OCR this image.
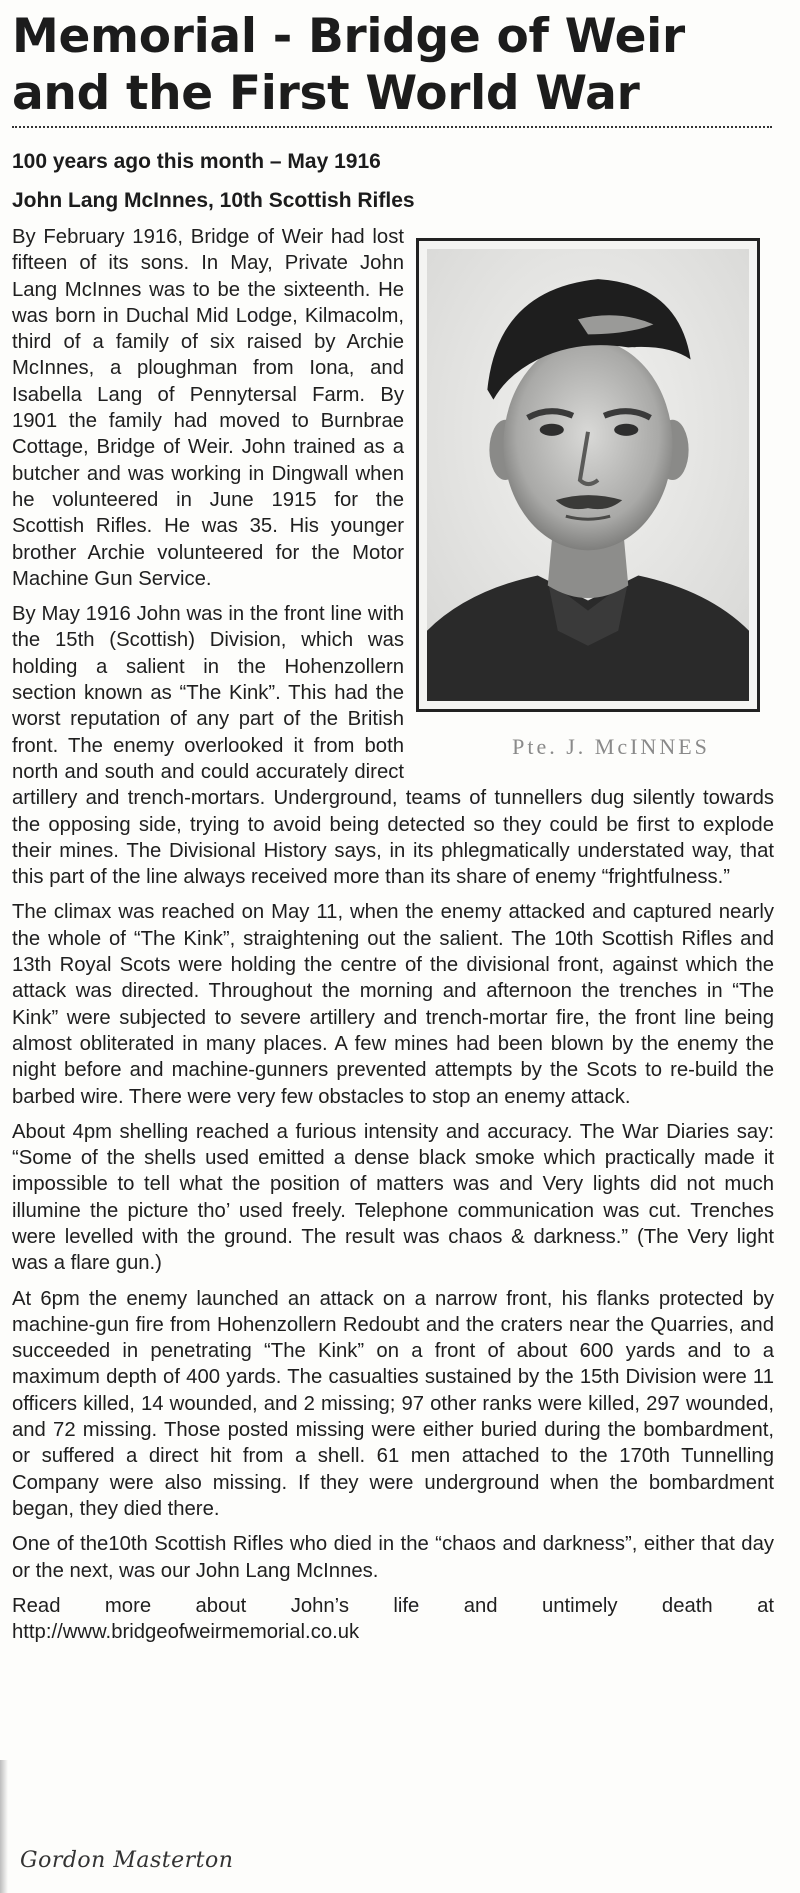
Memorial - Bridge of Weir and the First World War
100 years ago this month – May 1916
John Lang McInnes, 10th Scottish Rifles
Pte. J. McINNES

By February 1916, Bridge of Weir had lost fifteen of its sons. In May, Private John Lang McInnes was to be the sixteenth. He was born in Duchal Mid Lodge, Kilmacolm, third of a family of six raised by Archie McInnes, a ploughman from Iona, and Isabella Lang of Pennytersal Farm. By 1901 the family had moved to Burnbrae Cottage, Bridge of Weir. John trained as a butcher and was working in Dingwall when he volunteered in June 1915 for the Scottish Rifles. He was 35. His younger brother Archie volunteered for the Motor Machine Gun Service.

By May 1916 John was in the front line with the 15th (Scottish) Division, which was holding a salient in the Hohenzollern section known as “The Kink”. This had the worst reputation of any part of the British front. The enemy overlooked it from both north and south and could accurately direct artillery and trench-mortars. Underground, teams of tunnellers dug silently towards the opposing side, trying to avoid being detected so they could be first to explode their mines. The Divisional History says, in its phlegmatically understated way, that this part of the line always received more than its share of enemy “frightfulness.”

The climax was reached on May 11, when the enemy attacked and captured nearly the whole of “The Kink”, straightening out the salient. The 10th Scottish Rifles and 13th Royal Scots were holding the centre of the divisional front, against which the attack was directed. Throughout the morning and afternoon the trenches in “The Kink” were subjected to severe artillery and trench-mortar fire, the front line being almost obliterated in many places. A few mines had been blown by the enemy the night before and machine-gunners prevented attempts by the Scots to re-build the barbed wire. There were very few obstacles to stop an enemy attack.

About 4pm shelling reached a furious intensity and accuracy. The War Diaries say: “Some of the shells used emitted a dense black smoke which practically made it impossible to tell what the position of matters was and Very lights did not much illumine the picture tho’ used freely. Telephone communication was cut. Trenches were levelled with the ground. The result was chaos & darkness.” (The Very light was a flare gun.)

At 6pm the enemy launched an attack on a narrow front, his flanks protected by machine-gun fire from Hohenzollern Redoubt and the craters near the Quarries, and succeeded in penetrating “The Kink” on a front of about 600 yards and to a maximum depth of 400 yards. The casualties sustained by the 15th Division were 11 officers killed, 14 wounded, and 2 missing; 97 other ranks were killed, 297 wounded, and 72 missing. Those posted missing were either buried during the bombardment, or suffered a direct hit from a shell. 61 men attached to the 170th Tunnelling Company were also missing. If they were underground when the bombardment began, they died there.

One of the10th Scottish Rifles who died in the “chaos and darkness”, either that day or the next, was our John Lang McInnes.

Read more about John’s life and untimely death at http://www.bridgeofweirmemorial.co.uk

Gordon Masterton
